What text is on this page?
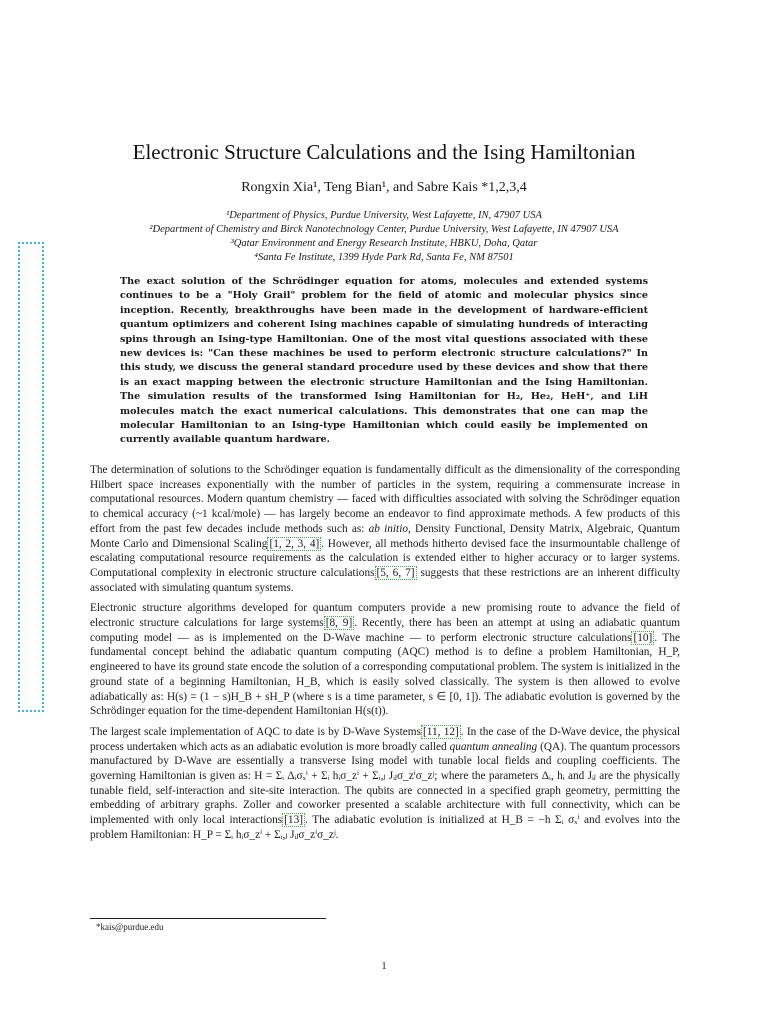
Electronic Structure Calculations and the Ising Hamiltonian
Rongxin Xia¹, Teng Bian¹, and Sabre Kais *1,2,3,4
¹Department of Physics, Purdue University, West Lafayette, IN, 47907 USA
²Department of Chemistry and Birck Nanotechnology Center, Purdue University, West Lafayette, IN 47907 USA
³Qatar Environment and Energy Research Institute, HBKU, Doha, Qatar
⁴Santa Fe Institute, 1399 Hyde Park Rd, Santa Fe, NM 87501
The exact solution of the Schrödinger equation for atoms, molecules and extended systems continues to be a "Holy Grail" problem for the field of atomic and molecular physics since inception. Recently, breakthroughs have been made in the development of hardware-efficient quantum optimizers and coherent Ising machines capable of simulating hundreds of interacting spins through an Ising-type Hamiltonian. One of the most vital questions associated with these new devices is: "Can these machines be used to perform electronic structure calculations?" In this study, we discuss the general standard procedure used by these devices and show that there is an exact mapping between the electronic structure Hamiltonian and the Ising Hamiltonian. The simulation results of the transformed Ising Hamiltonian for H₂, He₂, HeH⁺, and LiH molecules match the exact numerical calculations. This demonstrates that one can map the molecular Hamiltonian to an Ising-type Hamiltonian which could easily be implemented on currently available quantum hardware.

The determination of solutions to the Schrödinger equation is fundamentally difficult as the dimensionality of the corresponding Hilbert space increases exponentially with the number of particles in the system, requiring a commensurate increase in computational resources. Modern quantum chemistry — faced with difficulties associated with solving the Schrödinger equation to chemical accuracy (~1 kcal/mole) — has largely become an endeavor to find approximate methods. A few products of this effort from the past few decades include methods such as: ab initio, Density Functional, Density Matrix, Algebraic, Quantum Monte Carlo and Dimensional Scaling [1, 2, 3, 4] . However, all methods hitherto devised face the insurmountable challenge of escalating computational resource requirements as the calculation is extended either to higher accuracy or to larger systems. Computational complexity in electronic structure calculations [5, 6, 7] suggests that these restrictions are an inherent difficulty associated with simulating quantum systems.

Electronic structure algorithms developed for quantum computers provide a new promising route to advance the field of electronic structure calculations for large systems [8, 9] . Recently, there has been an attempt at using an adiabatic quantum computing model — as is implemented on the D-Wave machine — to perform electronic structure calculations [10] . The fundamental concept behind the adiabatic quantum computing (AQC) method is to define a problem Hamiltonian, H_P, engineered to have its ground state encode the solution of a corresponding computational problem. The system is initialized in the ground state of a beginning Hamiltonian, H_B, which is easily solved classically. The system is then allowed to evolve adiabatically as: H(s) = (1 − s)H_B + sH_P (where s is a time parameter, s ∈ [0, 1]). The adiabatic evolution is governed by the Schrödinger equation for the time-dependent Hamiltonian H(s(t)).

The largest scale implementation of AQC to date is by D-Wave Systems [11, 12] . In the case of the D-Wave device, the physical process undertaken which acts as an adiabatic evolution is more broadly called quantum annealing (QA). The quantum processors manufactured by D-Wave are essentially a transverse Ising model with tunable local fields and coupling coefficients. The governing Hamiltonian is given as: H = Σᵢ Δᵢσₓⁱ + Σᵢ hᵢσ_zⁱ + Σᵢ,ⱼ Jᵢⱼσ_zⁱσ_zʲ; where the parameters Δᵢ, hᵢ and Jᵢⱼ are the physically tunable field, self-interaction and site-site interaction. The qubits are connected in a specified graph geometry, permitting the embedding of arbitrary graphs. Zoller and coworker presented a scalable architecture with full connectivity, which can be implemented with only local interactions [13] . The adiabatic evolution is initialized at H_B = −h Σᵢ σₓⁱ and evolves into the problem Hamiltonian: H_P = Σᵢ hᵢσ_zⁱ + Σᵢ,ⱼ Jᵢⱼσ_zⁱσ_zʲ.

*kais@purdue.edu
1
